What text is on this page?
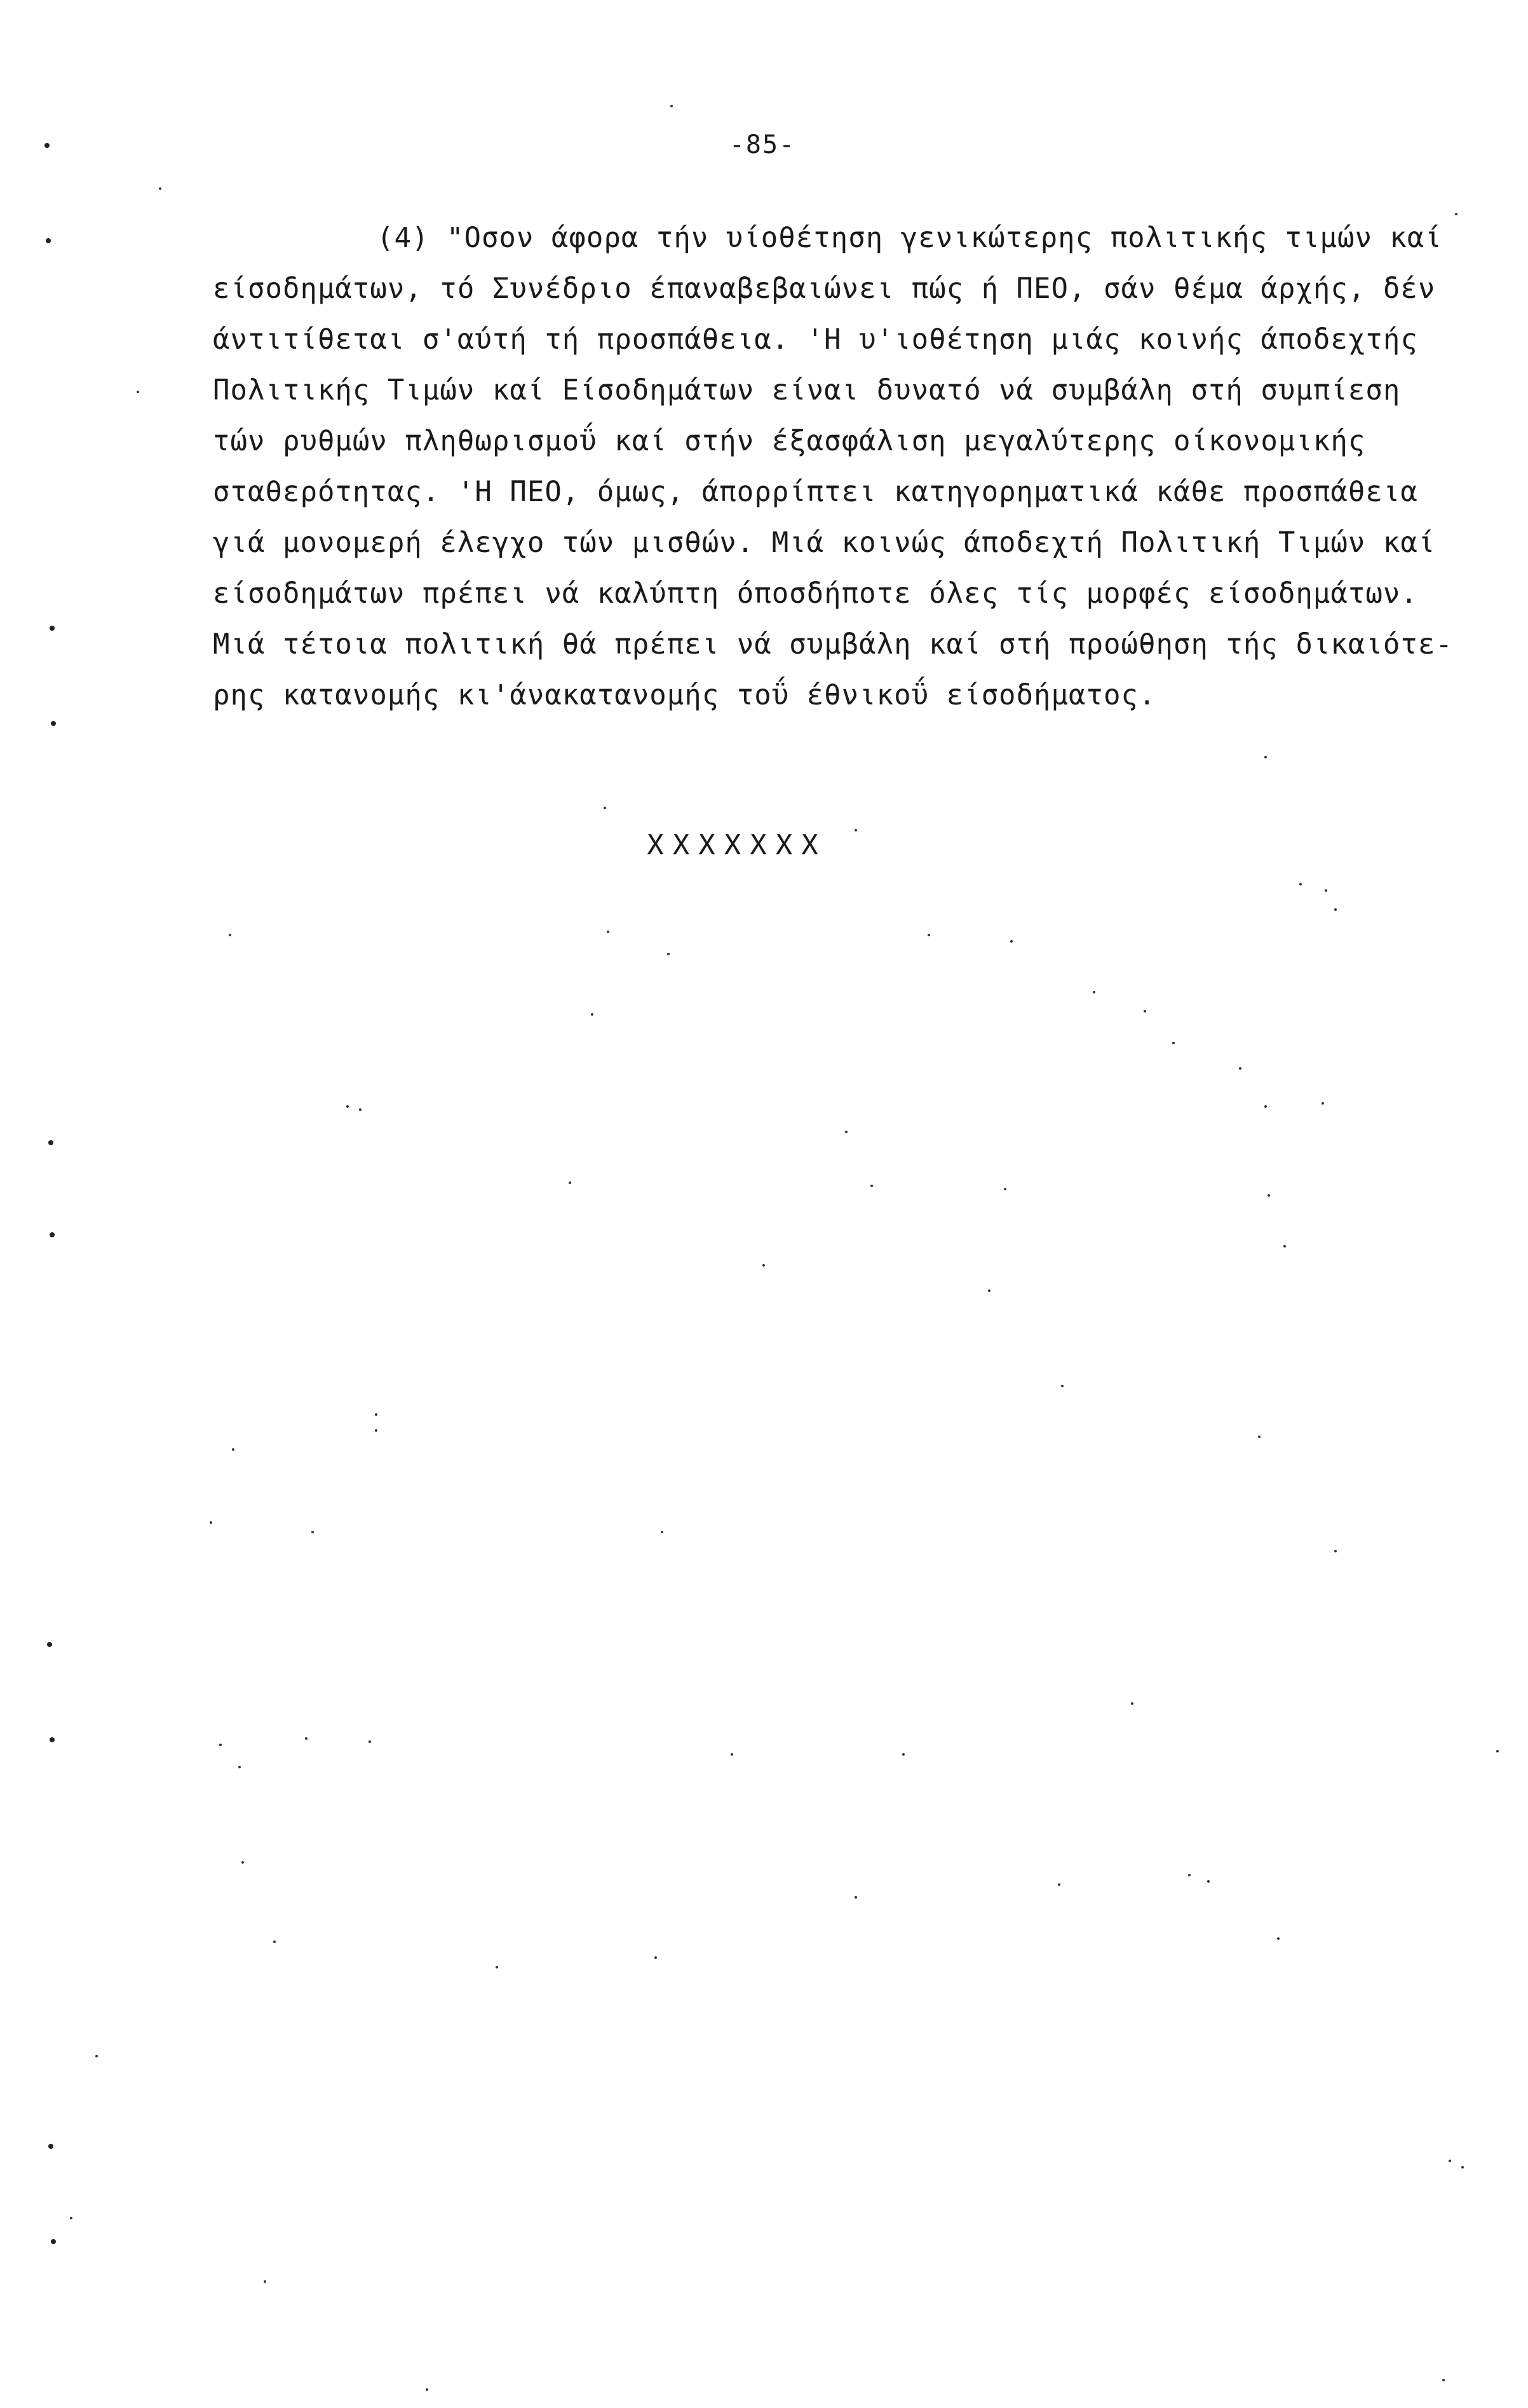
-85-
(4) "Οσον άφορα τήν υίοθέτηση γενικώτερης πολιτικής τιμών καί
είσοδημάτων, τό Συνέδριο έπαναβεβαιώνει πώς ή ΠΕΟ, σάν θέμα άρχής, δέν
άντιτίθεται σ'αύτή τή προσπάθεια. 'Η υ'ιοθέτηση μιάς κοινής άποδεχτής
Πολιτικής Τιμών καί Είσοδημάτων είναι δυνατό νά συμβάλη στή συμπίεση
τών ρυθμών πληθωρισμοΰ καί στήν έξασφάλιση μεγαλύτερης οίκονομικής
σταθερότητας. 'Η ΠΕΟ, όμως, άπορρίπτει κατηγορηματικά κάθε προσπάθεια
γιά μονομερή έλεγχο τών μισθών. Μιά κοινώς άποδεχτή Πολιτική Τιμών καί
είσοδημάτων πρέπει νά καλύπτη όποσδήποτε όλες τίς μορφές είσοδημάτων.
Μιά τέτοια πολιτική θά πρέπει νά συμβάλη καί στή προώθηση τής δικαιότε-
ρης κατανομής κι'άνακατανομής τοΰ έθνικοΰ είσοδήματος.
XXXXXXX
